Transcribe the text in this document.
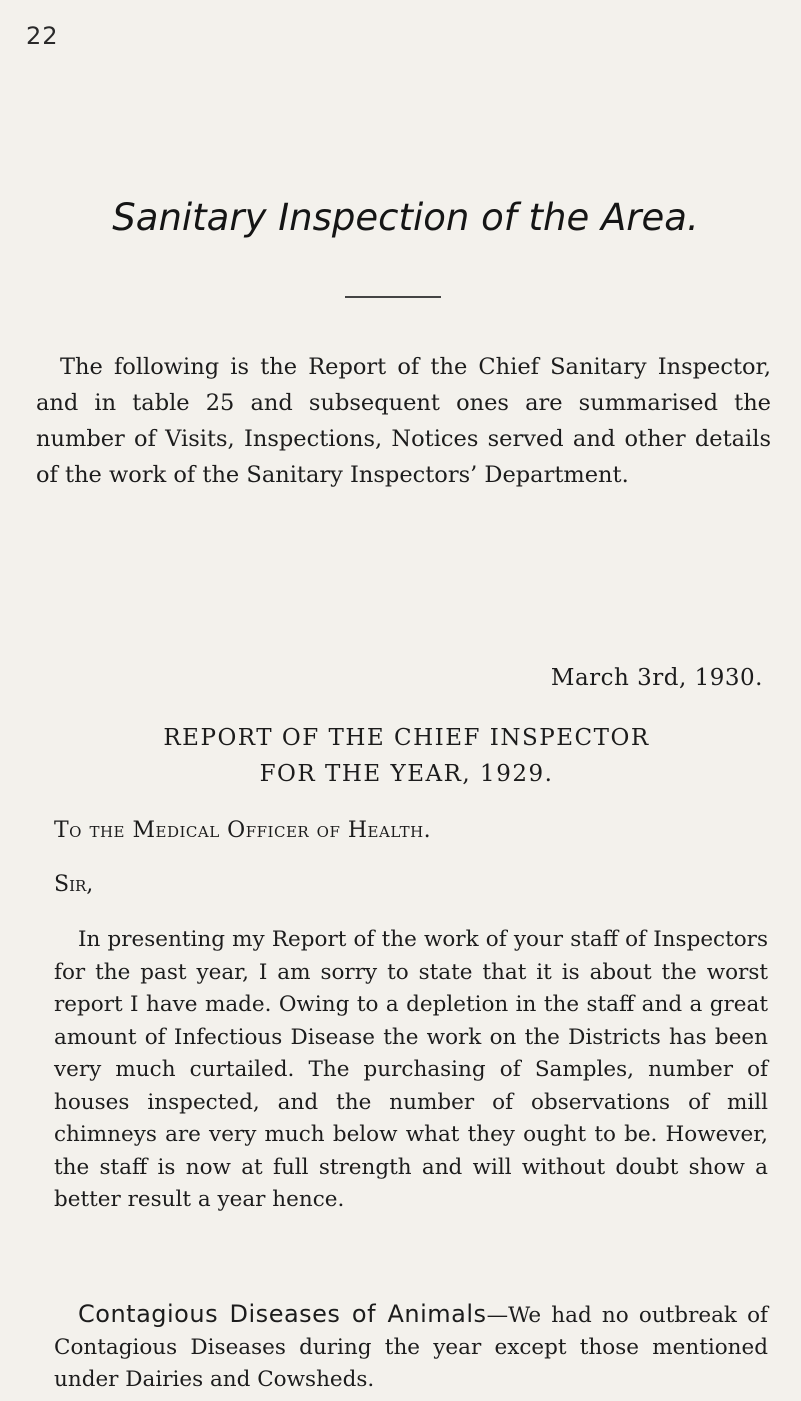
22
Sanitary Inspection of the Area.

The following is the Report of the Chief Sanitary Inspector, and in table 25 and subsequent ones are summarised the number of Visits, Inspections, Notices served and other details of the work of the Sanitary Inspectors’ Department.

March 3rd, 1930.
REPORT OF THE CHIEF INSPECTOR
FOR THE YEAR, 1929.
To the Medical Officer of Health.
Sir,

In presenting my Report of the work of your staff of Inspectors for the past year, I am sorry to state that it is about the worst report I have made. Owing to a depletion in the staff and a great amount of Infectious Disease the work on the Districts has been very much curtailed. The purchasing of Samples, number of houses inspected, and the number of observations of mill chimneys are very much below what they ought to be. However, the staff is now at full strength and will without doubt show a better result a year hence.

Contagious Diseases of Animals—We had no outbreak of Contagious Diseases during the year except those mentioned under Dairies and Cowsheds.
